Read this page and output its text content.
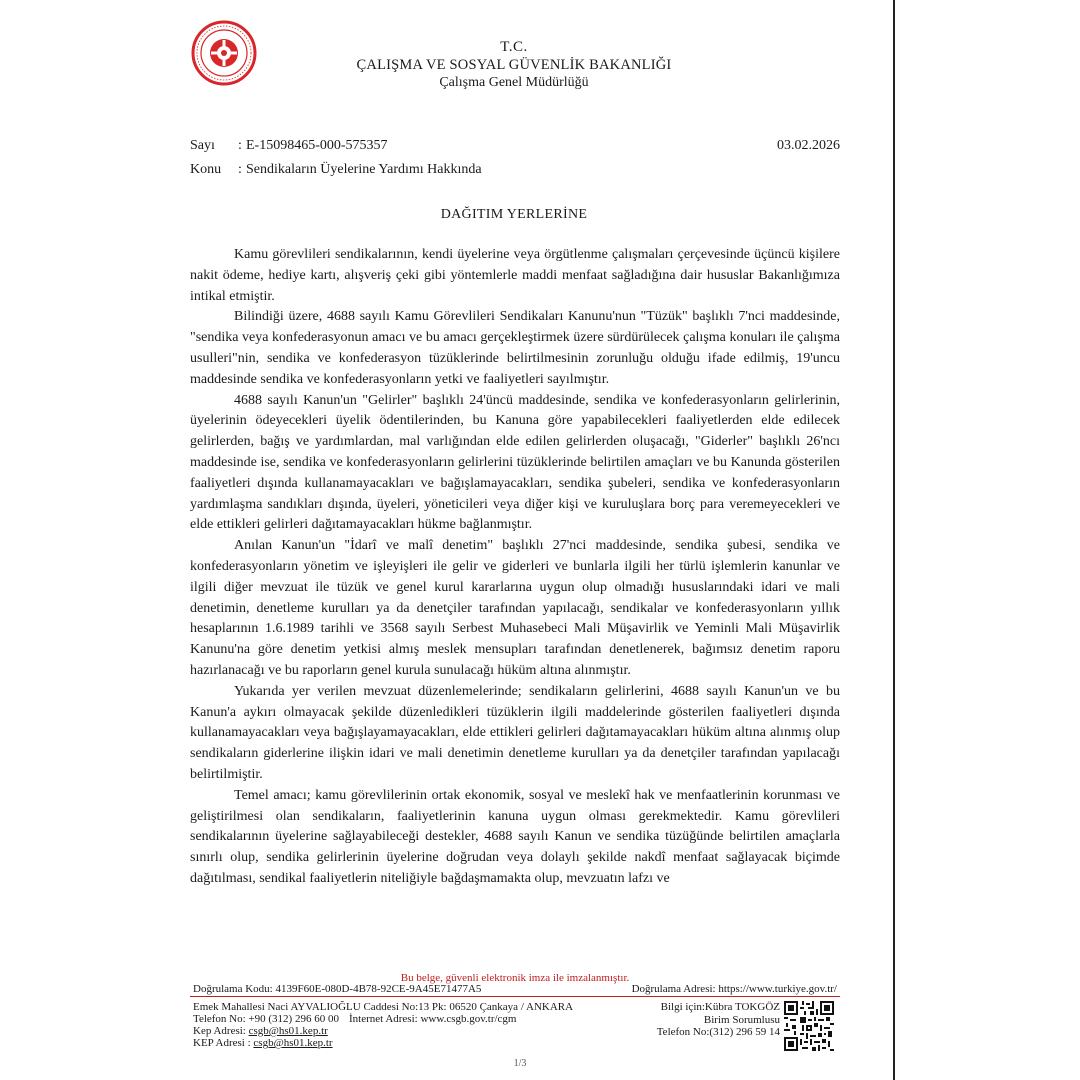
T.C.
ÇALIŞMA VE SOSYAL GÜVENLİK BAKANLIĞI
Çalışma Genel Müdürlüğü
Sayı : E-15098465-000-575357	03.02.2026
Konu : Sendikaların Üyelerine Yardımı Hakkında
DAĞITIM YERLERİNE

Kamu görevlileri sendikalarının, kendi üyelerine veya örgütlenme çalışmaları çerçevesinde üçüncü kişilere nakit ödeme, hediye kartı, alışveriş çeki gibi yöntemlerle maddi menfaat sağladığına dair hususlar Bakanlığımıza intikal etmiştir.

Bilindiği üzere, 4688 sayılı Kamu Görevlileri Sendikaları Kanunu'nun "Tüzük" başlıklı 7'nci maddesinde, "sendika veya konfederasyonun amacı ve bu amacı gerçekleştirmek üzere sürdürülecek çalışma konuları ile çalışma usulleri"nin, sendika ve konfederasyon tüzüklerinde belirtilmesinin zorunluğu olduğu ifade edilmiş, 19'uncu maddesinde sendika ve konfederasyonların yetki ve faaliyetleri sayılmıştır.

4688 sayılı Kanun'un "Gelirler" başlıklı 24'üncü maddesinde, sendika ve konfederasyonların gelirlerinin, üyelerinin ödeyecekleri üyelik ödentilerinden, bu Kanuna göre yapabilecekleri faaliyetlerden elde edilecek gelirlerden, bağış ve yardımlardan, mal varlığından elde edilen gelirlerden oluşacağı, "Giderler" başlıklı 26'ncı maddesinde ise, sendika ve konfederasyonların gelirlerini tüzüklerinde belirtilen amaçları ve bu Kanunda gösterilen faaliyetleri dışında kullanamayacakları ve bağışlamayacakları, sendika şubeleri, sendika ve konfederasyonların yardımlaşma sandıkları dışında, üyeleri, yöneticileri veya diğer kişi ve kuruluşlara borç para veremeyecekleri ve elde ettikleri gelirleri dağıtamayacakları hükme bağlanmıştır.

Anılan Kanun'un "İdarî ve malî denetim" başlıklı 27'nci maddesinde, sendika şubesi, sendika ve konfederasyonların yönetim ve işleyişleri ile gelir ve giderleri ve bunlarla ilgili her türlü işlemlerin kanunlar ve ilgili diğer mevzuat ile tüzük ve genel kurul kararlarına uygun olup olmadığı hususlarındaki idari ve mali denetimin, denetleme kurulları ya da denetçiler tarafından yapılacağı, sendikalar ve konfederasyonların yıllık hesaplarının 1.6.1989 tarihli ve 3568 sayılı Serbest Muhasebeci Mali Müşavirlik ve Yeminli Mali Müşavirlik Kanunu'na göre denetim yetkisi almış meslek mensupları tarafından denetlenerek, bağımsız denetim raporu hazırlanacağı ve bu raporların genel kurula sunulacağı hüküm altına alınmıştır.

Yukarıda yer verilen mevzuat düzenlemelerinde; sendikaların gelirlerini, 4688 sayılı Kanun'un ve bu Kanun'a aykırı olmayacak şekilde düzenledikleri tüzüklerin ilgili maddelerinde gösterilen faaliyetleri dışında kullanamayacakları veya bağışlayamayacakları, elde ettikleri gelirleri dağıtamayacakları hüküm altına alınmış olup sendikaların giderlerine ilişkin idari ve mali denetimin denetleme kurulları ya da denetçiler tarafından yapılacağı belirtilmiştir.

Temel amacı; kamu görevlilerinin ortak ekonomik, sosyal ve meslekî hak ve menfaatlerinin korunması ve geliştirilmesi olan sendikaların, faaliyetlerinin kanuna uygun olması gerekmektedir. Kamu görevlileri sendikalarının üyelerine sağlayabileceği destekler, 4688 sayılı Kanun ve sendika tüzüğünde belirtilen amaçlarla sınırlı olup, sendika gelirlerinin üyelerine doğrudan veya dolaylı şekilde nakdî menfaat sağlayacak biçimde dağıtılması, sendikal faaliyetlerin niteliğiyle bağdaşmamakta olup, mevzuatın lafzı ve

Bu belge, güvenli elektronik imza ile imzalanmıştır.
Doğrulama Kodu: 4139F60E-080D-4B78-92CE-9A45E71477A5	Doğrulama Adresi: https://www.turkiye.gov.tr/
Emek Mahallesi Naci AYVALIOĞLU Caddesi No:13 Pk: 06520 Çankaya / ANKARA
Telefon No: +90 (312) 296 60 00 İnternet Adresi: www.csgb.gov.tr/cgm
Kep Adresi: csgb@hs01.kep.tr
KEP Adresi : csgb@hs01.kep.tr
Bilgi için:Kübra TOKGÖZ
Birim Sorumlusu
Telefon No:(312) 296 59 14
1/3
